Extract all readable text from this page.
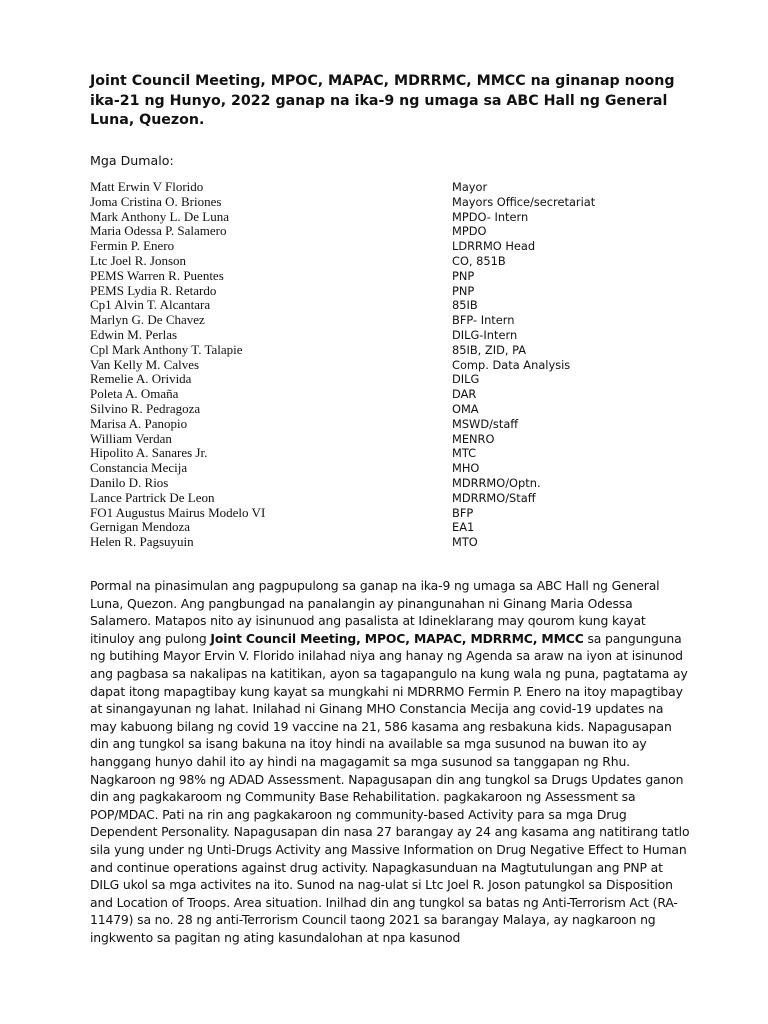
Joint Council Meeting, MPOC, MAPAC, MDRRMC, MMCC na ginanap noong ika-21 ng Hunyo, 2022 ganap na ika-9 ng umaga sa ABC Hall ng General Luna, Quezon.
Mga Dumalo:
Matt Erwin V Florido	Mayor
Joma Cristina O. Briones	Mayors Office/secretariat
Mark Anthony L. De Luna	MPDO- Intern
Maria Odessa P. Salamero	MPDO
Fermin P. Enero	LDRRMO Head
Ltc Joel R. Jonson	CO, 851B
PEMS Warren R. Puentes	PNP
PEMS Lydia R. Retardo	PNP
Cp1 Alvin T. Alcantara	85IB
Marlyn G. De Chavez	BFP- Intern
Edwin M. Perlas	DILG-Intern
Cpl Mark Anthony T. Talapie	85IB, ZID, PA
Van Kelly M. Calves	Comp. Data Analysis
Remelie A. Orivida	DILG
Poleta A. Omaña	DAR
Silvino R. Pedragoza	OMA
Marisa A. Panopio	MSWD/staff
William Verdan	MENRO
Hipolito A. Sanares Jr.	MTC
Constancia Mecija	MHO
Danilo D. Rios	MDRRMO/Optn.
Lance Partrick De Leon	MDRRMO/Staff
FO1 Augustus Mairus Modelo VI	BFP
Gernigan Mendoza	EA1
Helen R. Pagsuyuin	MTO

Pormal na pinasimulan ang pagpupulong sa ganap na ika-9 ng umaga sa ABC Hall ng General Luna, Quezon. Ang pangbungad na panalangin ay pinangunahan ni Ginang Maria Odessa Salamero. Matapos nito ay isinunuod ang pasalista at Idineklarang may qourom kung kayat itinuloy ang pulong Joint Council Meeting, MPOC, MAPAC, MDRRMC, MMCC sa pangunguna ng butihing Mayor Ervin V. Florido inilahad niya ang hanay ng Agenda sa araw na iyon at isinunod ang pagbasa sa nakalipas na katitikan, ayon sa tagapangulo na kung wala ng puna, pagtatama ay dapat itong mapagtibay kung kayat sa mungkahi ni MDRRMO Fermin P. Enero na itoy mapagtibay at sinangayunan ng lahat. Inilahad ni Ginang MHO Constancia Mecija ang covid-19 updates na may kabuong bilang ng covid 19 vaccine na 21, 586 kasama ang resbakuna kids. Napagusapan din ang tungkol sa isang bakuna na itoy hindi na available sa mga susunod na buwan ito ay hanggang hunyo dahil ito ay hindi na magagamit sa mga susunod sa tanggapan ng Rhu. Nagkaroon ng 98% ng ADAD Assessment. Napagusapan din ang tungkol sa Drugs Updates ganon din ang pagkakaroom ng Community Base Rehabilitation. pagkakaroon ng Assessment sa POP/MDAC. Pati na rin ang pagkakaroon ng community-based Activity para sa mga Drug Dependent Personality. Napagusapan din nasa 27 barangay ay 24 ang kasama ang natitirang tatlo sila yung under ng Unti-Drugs Activity ang Massive Information on Drug Negative Effect to Human and continue operations against drug activity. Napagkasunduan na Magtutulungan ang PNP at DILG ukol sa mga activites na ito. Sunod na nag-ulat si Ltc Joel R. Joson patungkol sa Disposition and Location of Troops. Area situation. Inilhad din ang tungkol sa batas ng Anti-Terrorism Act (RA-11479) sa no. 28 ng anti-Terrorism Council taong 2021 sa barangay Malaya, ay nagkaroon ng ingkwento sa pagitan ng ating kasundalohan at npa kasunod
